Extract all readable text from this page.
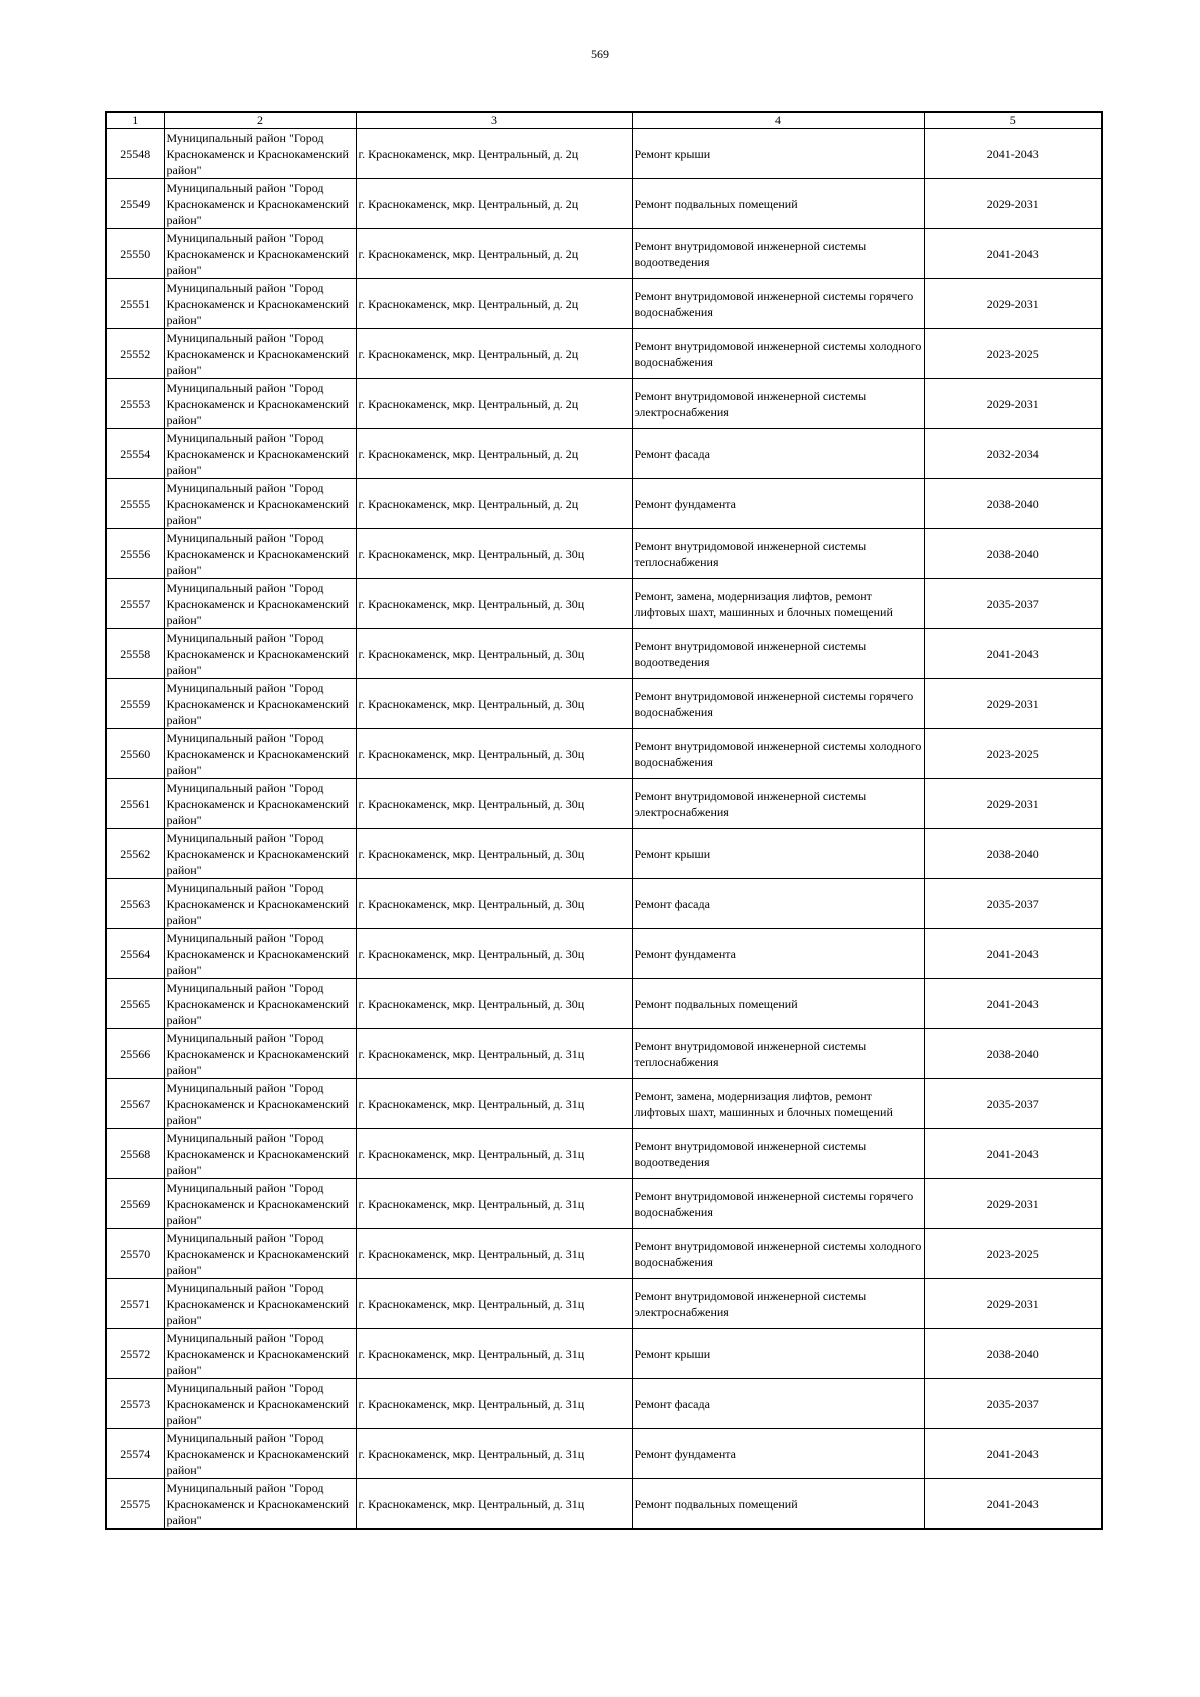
569
1	2	3	4	5
25548	Муниципальный район "Город Краснокаменск и Краснокаменский район"	г. Краснокаменск, мкр. Центральный, д. 2ц	Ремонт крыши	2041-2043
25549	Муниципальный район "Город Краснокаменск и Краснокаменский район"	г. Краснокаменск, мкр. Центральный, д. 2ц	Ремонт подвальных помещений	2029-2031
25550	Муниципальный район "Город Краснокаменск и Краснокаменский район"	г. Краснокаменск, мкр. Центральный, д. 2ц	Ремонт внутридомовой инженерной системы водоотведения	2041-2043
25551	Муниципальный район "Город Краснокаменск и Краснокаменский район"	г. Краснокаменск, мкр. Центральный, д. 2ц	Ремонт внутридомовой инженерной системы горячего водоснабжения	2029-2031
25552	Муниципальный район "Город Краснокаменск и Краснокаменский район"	г. Краснокаменск, мкр. Центральный, д. 2ц	Ремонт внутридомовой инженерной системы холодного водоснабжения	2023-2025
25553	Муниципальный район "Город Краснокаменск и Краснокаменский район"	г. Краснокаменск, мкр. Центральный, д. 2ц	Ремонт внутридомовой инженерной системы электроснабжения	2029-2031
25554	Муниципальный район "Город Краснокаменск и Краснокаменский район"	г. Краснокаменск, мкр. Центральный, д. 2ц	Ремонт фасада	2032-2034
25555	Муниципальный район "Город Краснокаменск и Краснокаменский район"	г. Краснокаменск, мкр. Центральный, д. 2ц	Ремонт фундамента	2038-2040
25556	Муниципальный район "Город Краснокаменск и Краснокаменский район"	г. Краснокаменск, мкр. Центральный, д. 30ц	Ремонт внутридомовой инженерной системы теплоснабжения	2038-2040
25557	Муниципальный район "Город Краснокаменск и Краснокаменский район"	г. Краснокаменск, мкр. Центральный, д. 30ц	Ремонт, замена, модернизация лифтов, ремонт лифтовых шахт, машинных и блочных помещений	2035-2037
25558	Муниципальный район "Город Краснокаменск и Краснокаменский район"	г. Краснокаменск, мкр. Центральный, д. 30ц	Ремонт внутридомовой инженерной системы водоотведения	2041-2043
25559	Муниципальный район "Город Краснокаменск и Краснокаменский район"	г. Краснокаменск, мкр. Центральный, д. 30ц	Ремонт внутридомовой инженерной системы горячего водоснабжения	2029-2031
25560	Муниципальный район "Город Краснокаменск и Краснокаменский район"	г. Краснокаменск, мкр. Центральный, д. 30ц	Ремонт внутридомовой инженерной системы холодного водоснабжения	2023-2025
25561	Муниципальный район "Город Краснокаменск и Краснокаменский район"	г. Краснокаменск, мкр. Центральный, д. 30ц	Ремонт внутридомовой инженерной системы электроснабжения	2029-2031
25562	Муниципальный район "Город Краснокаменск и Краснокаменский район"	г. Краснокаменск, мкр. Центральный, д. 30ц	Ремонт крыши	2038-2040
25563	Муниципальный район "Город Краснокаменск и Краснокаменский район"	г. Краснокаменск, мкр. Центральный, д. 30ц	Ремонт фасада	2035-2037
25564	Муниципальный район "Город Краснокаменск и Краснокаменский район"	г. Краснокаменск, мкр. Центральный, д. 30ц	Ремонт фундамента	2041-2043
25565	Муниципальный район "Город Краснокаменск и Краснокаменский район"	г. Краснокаменск, мкр. Центральный, д. 30ц	Ремонт подвальных помещений	2041-2043
25566	Муниципальный район "Город Краснокаменск и Краснокаменский район"	г. Краснокаменск, мкр. Центральный, д. 31ц	Ремонт внутридомовой инженерной системы теплоснабжения	2038-2040
25567	Муниципальный район "Город Краснокаменск и Краснокаменский район"	г. Краснокаменск, мкр. Центральный, д. 31ц	Ремонт, замена, модернизация лифтов, ремонт лифтовых шахт, машинных и блочных помещений	2035-2037
25568	Муниципальный район "Город Краснокаменск и Краснокаменский район"	г. Краснокаменск, мкр. Центральный, д. 31ц	Ремонт внутридомовой инженерной системы водоотведения	2041-2043
25569	Муниципальный район "Город Краснокаменск и Краснокаменский район"	г. Краснокаменск, мкр. Центральный, д. 31ц	Ремонт внутридомовой инженерной системы горячего водоснабжения	2029-2031
25570	Муниципальный район "Город Краснокаменск и Краснокаменский район"	г. Краснокаменск, мкр. Центральный, д. 31ц	Ремонт внутридомовой инженерной системы холодного водоснабжения	2023-2025
25571	Муниципальный район "Город Краснокаменск и Краснокаменский район"	г. Краснокаменск, мкр. Центральный, д. 31ц	Ремонт внутридомовой инженерной системы электроснабжения	2029-2031
25572	Муниципальный район "Город Краснокаменск и Краснокаменский район"	г. Краснокаменск, мкр. Центральный, д. 31ц	Ремонт крыши	2038-2040
25573	Муниципальный район "Город Краснокаменск и Краснокаменский район"	г. Краснокаменск, мкр. Центральный, д. 31ц	Ремонт фасада	2035-2037
25574	Муниципальный район "Город Краснокаменск и Краснокаменский район"	г. Краснокаменск, мкр. Центральный, д. 31ц	Ремонт фундамента	2041-2043
25575	Муниципальный район "Город Краснокаменск и Краснокаменский район"	г. Краснокаменск, мкр. Центральный, д. 31ц	Ремонт подвальных помещений	2041-2043
